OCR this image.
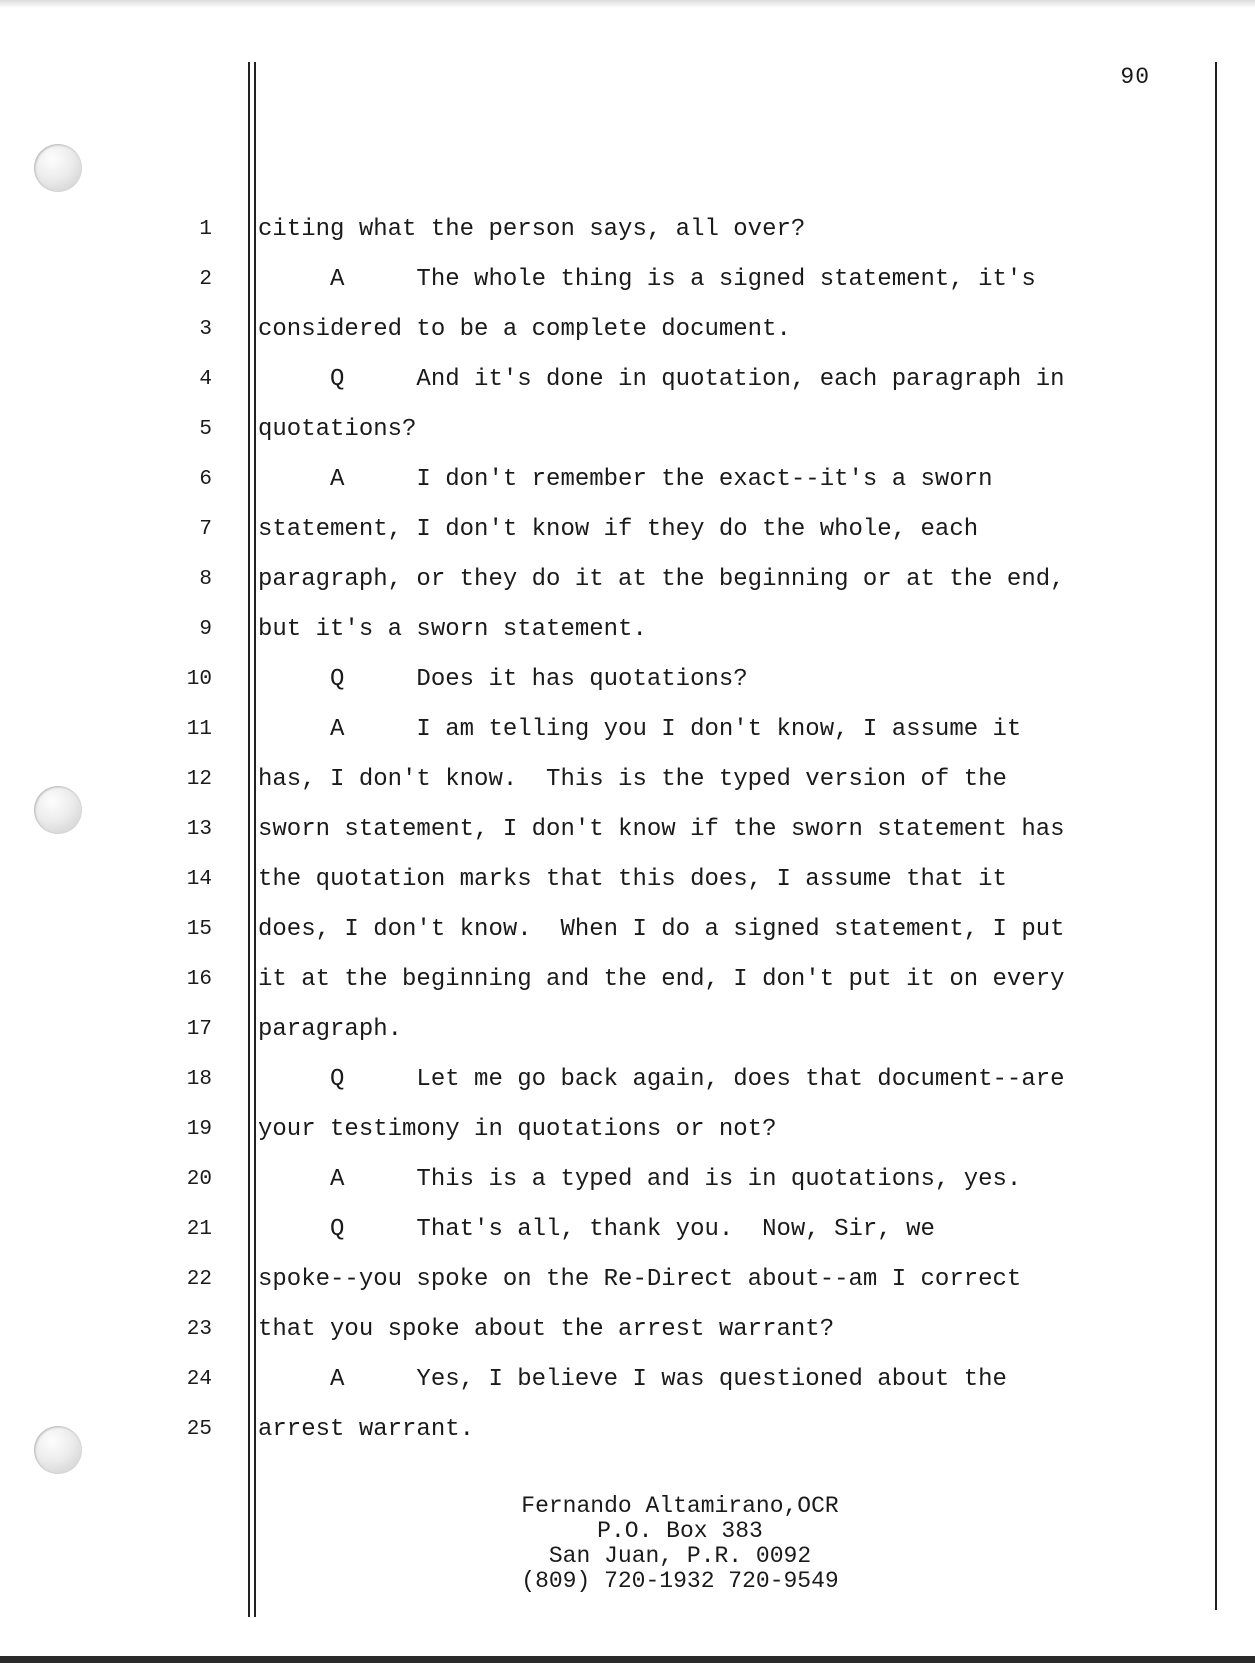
90
1 citing what the person says, all over?
2 A     The whole thing is a signed statement, it's
3 considered to be a complete document.
4 Q     And it's done in quotation, each paragraph in
5 quotations?
6 A     I don't remember the exact--it's a sworn
7 statement, I don't know if they do the whole, each
8 paragraph, or they do it at the beginning or at the end,
9 but it's a sworn statement.
10 Q     Does it has quotations?
11 A     I am telling you I don't know, I assume it
12 has, I don't know.  This is the typed version of the
13 sworn statement, I don't know if the sworn statement has
14 the quotation marks that this does, I assume that it
15 does, I don't know.  When I do a signed statement, I put
16 it at the beginning and the end, I don't put it on every
17 paragraph.
18 Q     Let me go back again, does that document--are
19 your testimony in quotations or not?
20 A     This is a typed and is in quotations, yes.
21 Q     That's all, thank you.  Now, Sir, we
22 spoke--you spoke on the Re-Direct about--am I correct
23 that you spoke about the arrest warrant?
24 A     Yes, I believe I was questioned about the
25 arrest warrant.
Fernando Altamirano,OCR
P.O. Box 383
San Juan, P.R. 0092
(809) 720-1932 720-9549
